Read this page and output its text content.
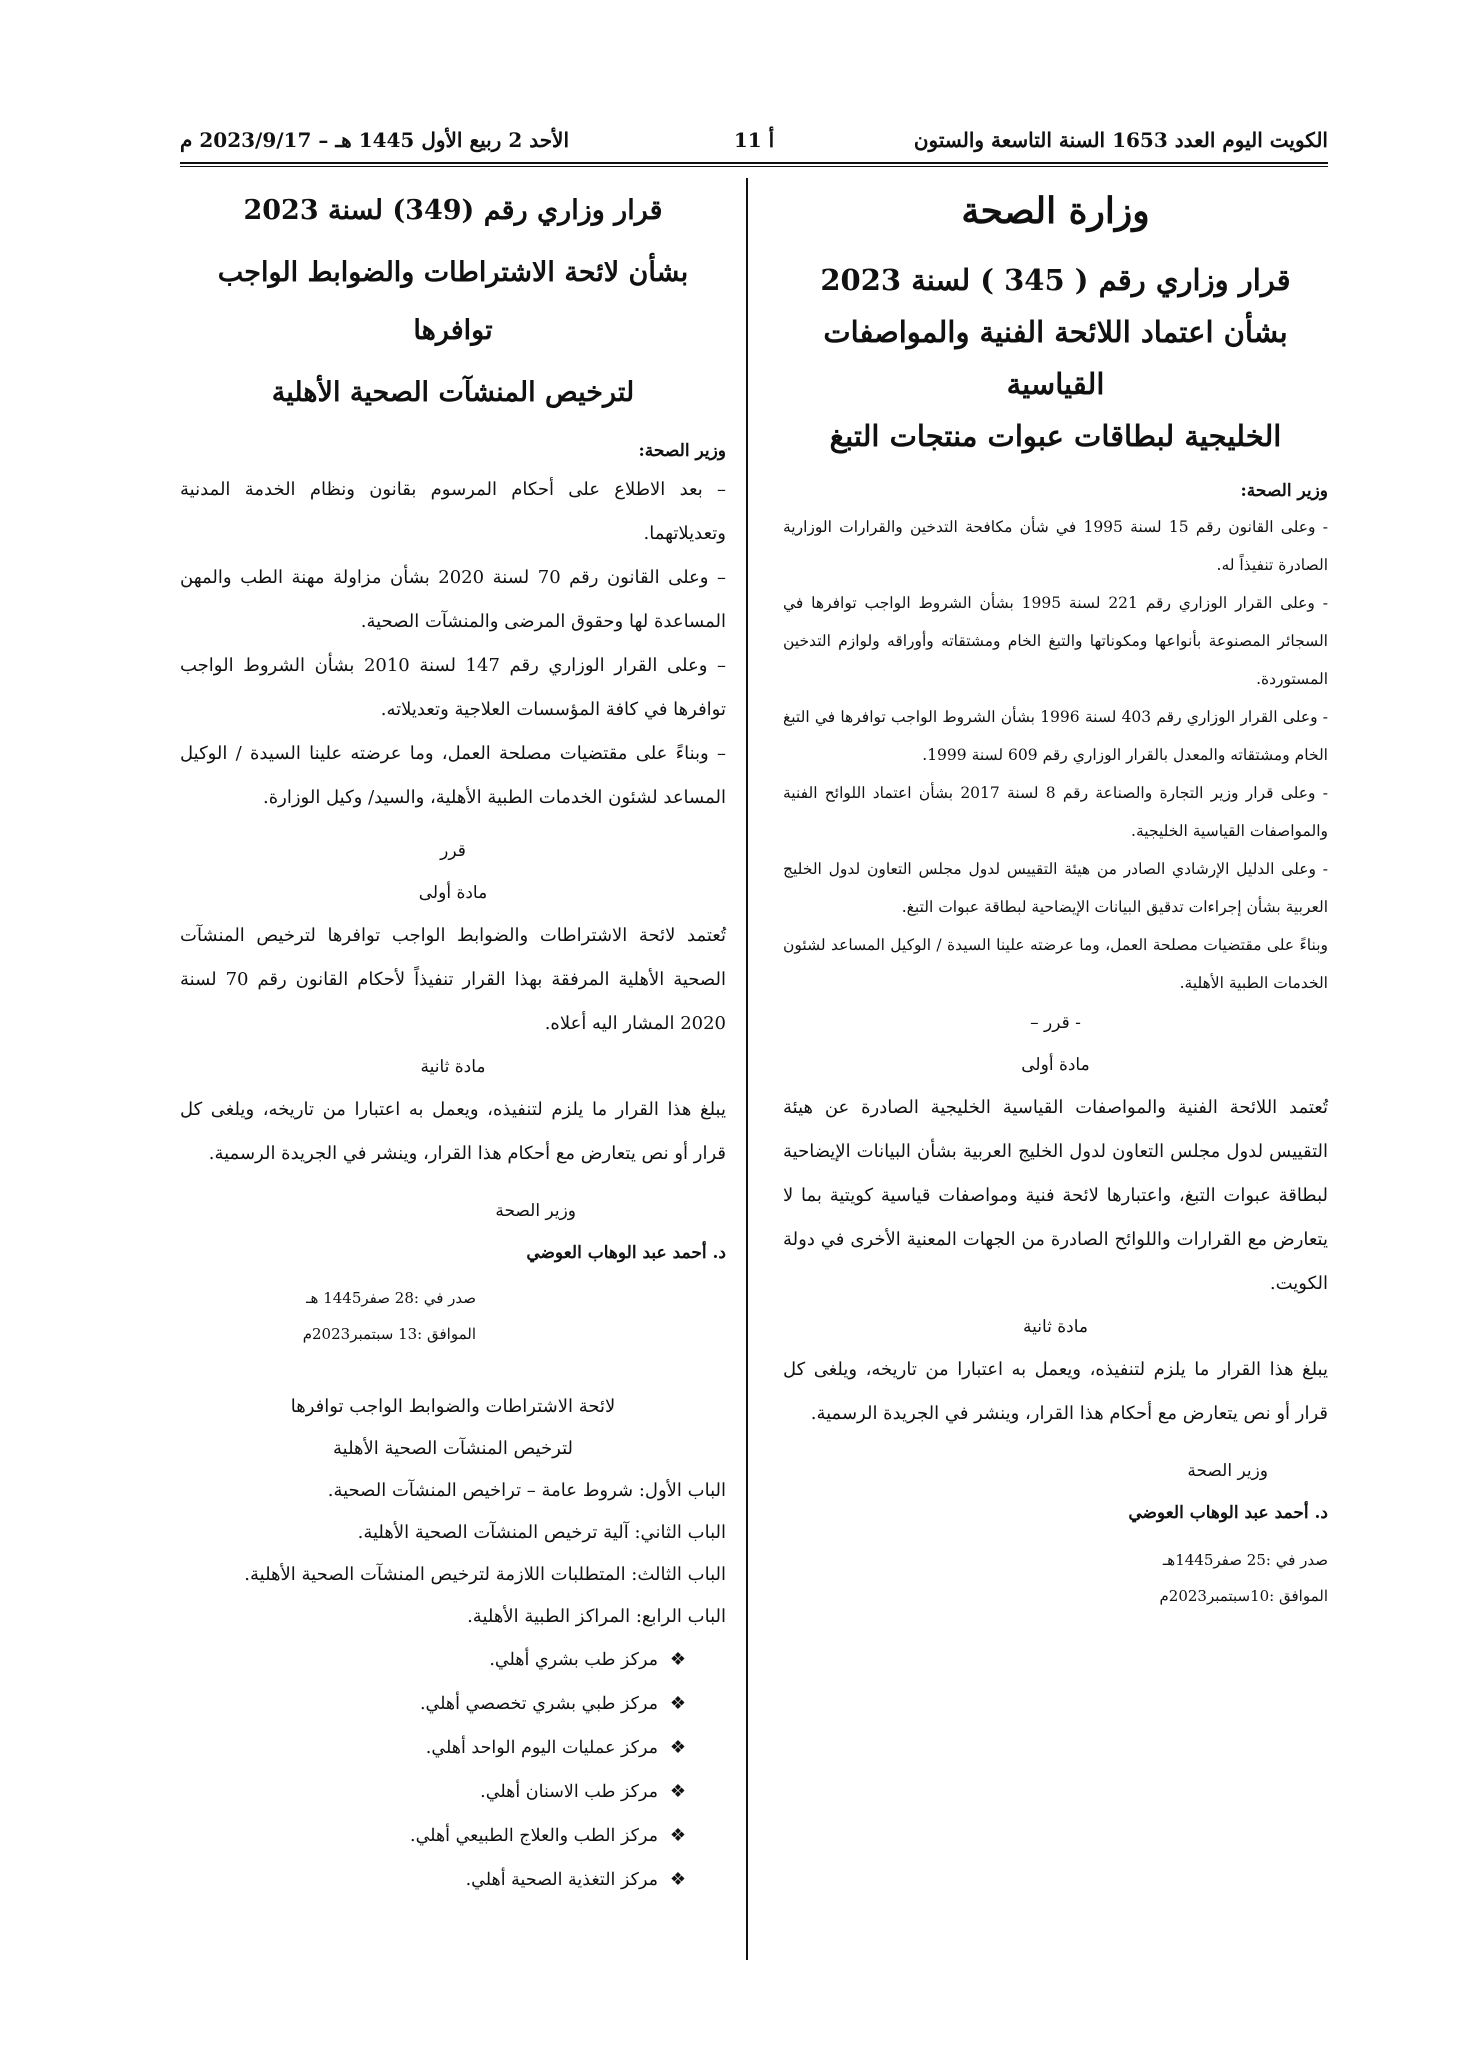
الكويت اليوم العدد 1653 السنة التاسعة والستون
أ 11
الأحد 2 ربيع الأول 1445 هـ – 2023/9/17 م
وزارة الصحة
قرار وزاري رقم ( 345 ) لسنة 2023
بشأن اعتماد اللائحة الفنية والمواصفات القياسية
الخليجية لبطاقات عبوات منتجات التبغ
وزير الصحة:
- وعلى القانون رقم 15 لسنة 1995 في شأن مكافحة التدخين والقرارات الوزارية الصادرة تنفيذاً له.
- وعلى القرار الوزاري رقم 221 لسنة 1995 بشأن الشروط الواجب توافرها في السجائر المصنوعة بأنواعها ومكوناتها والتبغ الخام ومشتقاته وأوراقه ولوازم التدخين المستوردة.
- وعلى القرار الوزاري رقم 403 لسنة 1996 بشأن الشروط الواجب توافرها في التبغ الخام ومشتقاته والمعدل بالقرار الوزاري رقم 609 لسنة 1999.
- وعلى قرار وزير التجارة والصناعة رقم 8 لسنة 2017 بشأن اعتماد اللوائح الفنية والمواصفات القياسية الخليجية.
- وعلى الدليل الإرشادي الصادر من هيئة التقييس لدول مجلس التعاون لدول الخليج العربية بشأن إجراءات تدقيق البيانات الإيضاحية لبطاقة عبوات التبغ.
وبناءً على مقتضيات مصلحة العمل، وما عرضته علينا السيدة / الوكيل المساعد لشئون الخدمات الطبية الأهلية.
- قرر –
مادة أولى
تُعتمد اللائحة الفنية والمواصفات القياسية الخليجية الصادرة عن هيئة التقييس لدول مجلس التعاون لدول الخليج العربية بشأن البيانات الإيضاحية لبطاقة عبوات التبغ، واعتبارها لائحة فنية ومواصفات قياسية كويتية بما لا يتعارض مع القرارات واللوائح الصادرة من الجهات المعنية الأخرى في دولة الكويت.
مادة ثانية
يبلغ هذا القرار ما يلزم لتنفيذه، ويعمل به اعتبارا من تاريخه، ويلغى كل قرار أو نص يتعارض مع أحكام هذا القرار، وينشر في الجريدة الرسمية.
وزير الصحة
د. أحمد عبد الوهاب العوضي
صدر في :25 صفر1445هـ
الموافق :10سبتمبر2023م
قرار وزاري رقم (349) لسنة 2023
بشأن لائحة الاشتراطات والضوابط الواجب توافرها
لترخيص المنشآت الصحية الأهلية
وزير الصحة:
– بعد الاطلاع على أحكام المرسوم بقانون ونظام الخدمة المدنية وتعديلاتهما.
– وعلى القانون رقم 70 لسنة 2020 بشأن مزاولة مهنة الطب والمهن المساعدة لها وحقوق المرضى والمنشآت الصحية.
– وعلى القرار الوزاري رقم 147 لسنة 2010 بشأن الشروط الواجب توافرها في كافة المؤسسات العلاجية وتعديلاته.
– وبناءً على مقتضيات مصلحة العمل، وما عرضته علينا السيدة / الوكيل المساعد لشئون الخدمات الطبية الأهلية، والسيد/ وكيل الوزارة.
قرر
مادة أولى
تُعتمد لائحة الاشتراطات والضوابط الواجب توافرها لترخيص المنشآت الصحية الأهلية المرفقة بهذا القرار تنفيذاً لأحكام القانون رقم 70 لسنة 2020 المشار اليه أعلاه.
مادة ثانية
يبلغ هذا القرار ما يلزم لتنفيذه، ويعمل به اعتبارا من تاريخه، ويلغى كل قرار أو نص يتعارض مع أحكام هذا القرار، وينشر في الجريدة الرسمية.
وزير الصحة
د. أحمد عبد الوهاب العوضي
صدر في :28 صفر1445 هـ
الموافق :13 سبتمبر2023م
لائحة الاشتراطات والضوابط الواجب توافرها
لترخيص المنشآت الصحية الأهلية
الباب الأول: شروط عامة – تراخيص المنشآت الصحية.
الباب الثاني: آلية ترخيص المنشآت الصحية الأهلية.
الباب الثالث: المتطلبات اللازمة لترخيص المنشآت الصحية الأهلية.
الباب الرابع: المراكز الطبية الأهلية.
❖مركز طب بشري أهلي.
❖مركز طبي بشري تخصصي أهلي.
❖مركز عمليات اليوم الواحد أهلي.
❖مركز طب الاسنان أهلي.
❖مركز الطب والعلاج الطبيعي أهلي.
❖مركز التغذية الصحية أهلي.
